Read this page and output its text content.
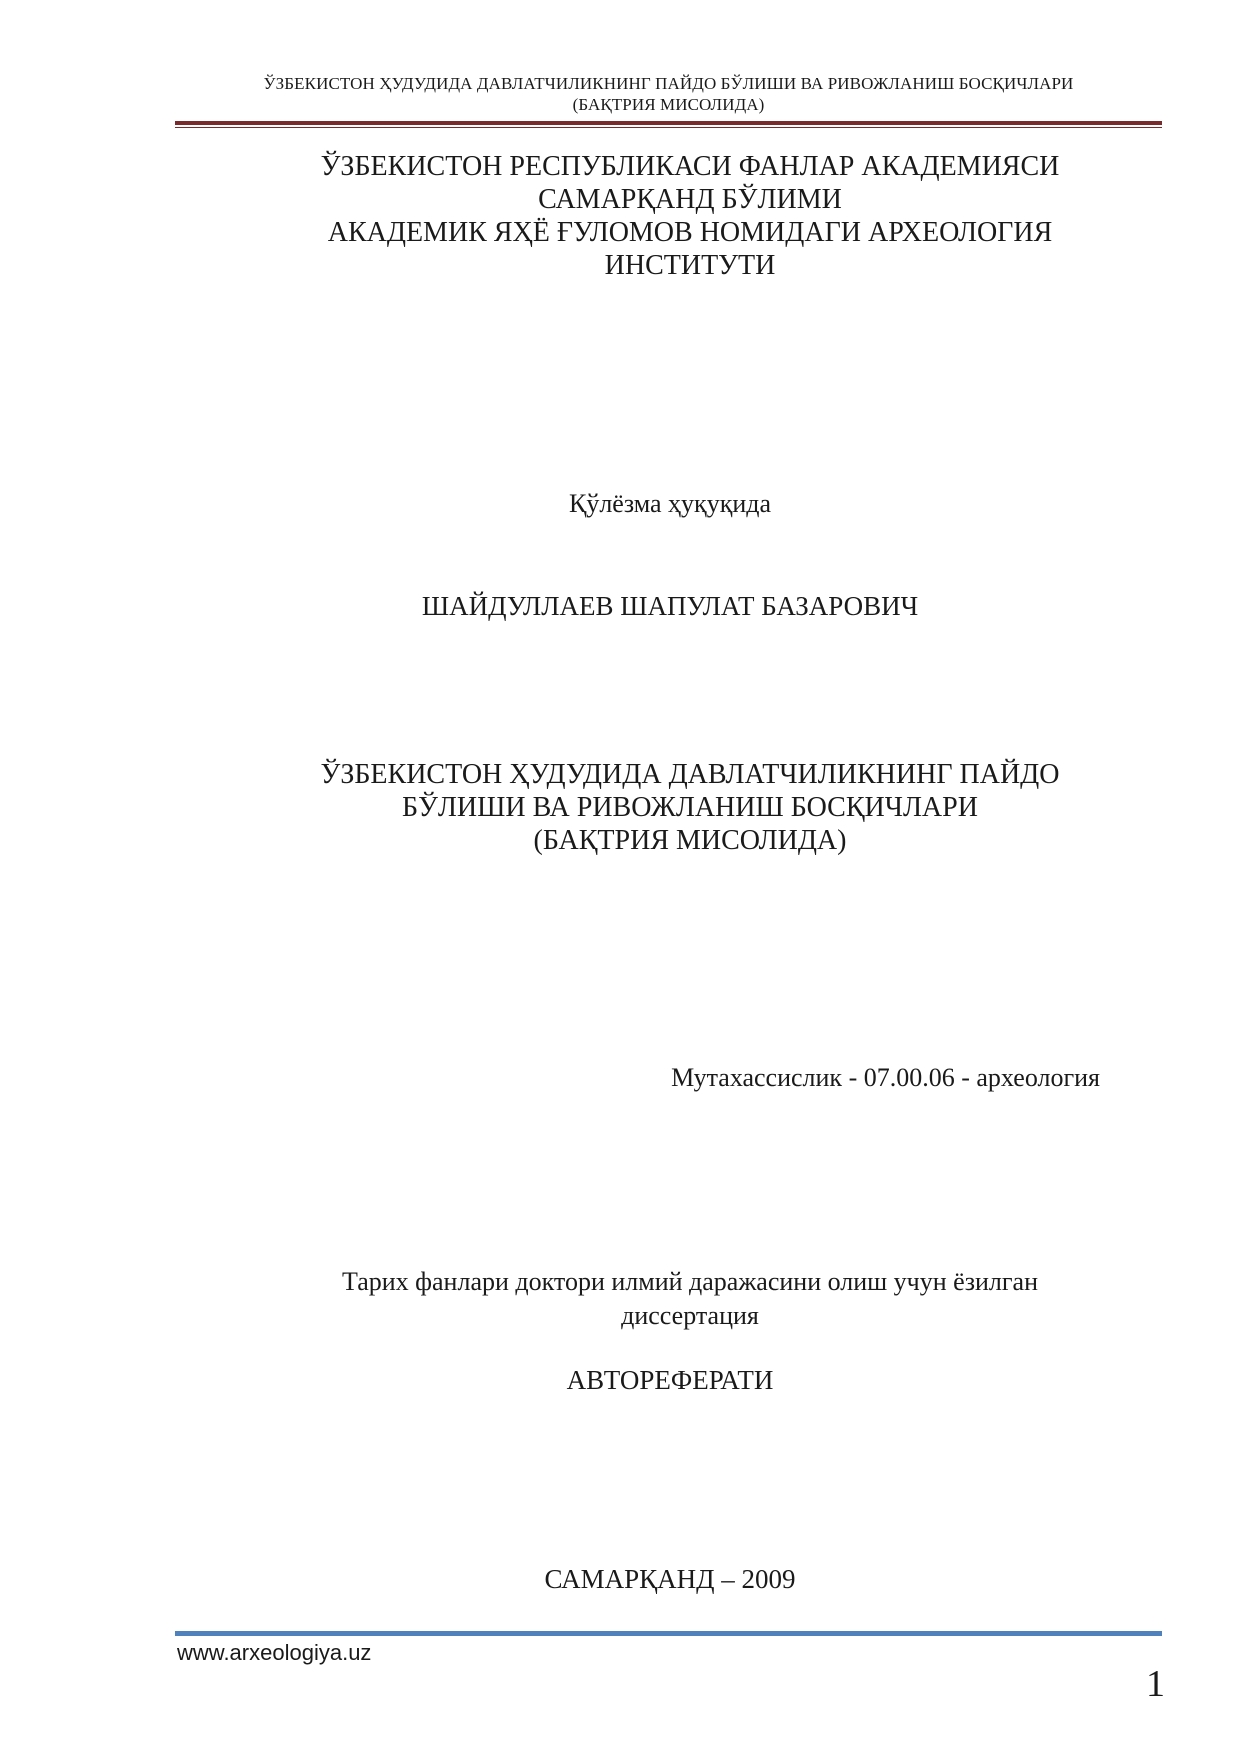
ЎЗБЕКИСТОН ҲУДУДИДА ДАВЛАТЧИЛИКНИНГ ПАЙДО БЎЛИШИ ВА РИВОЖЛАНИШ БОСҚИЧЛАРИ
(БАҚТРИЯ МИСОЛИДА)
ЎЗБЕКИСТОН РЕСПУБЛИКАСИ ФАНЛАР АКАДЕМИЯСИ
САМАРҚАНД БЎЛИМИ
АКАДЕМИК ЯҲЁ ҒУЛОМОВ НОМИДАГИ АРХЕОЛОГИЯ
ИНСТИТУТИ
Қўлёзма ҳуқуқида
ШАЙДУЛЛАЕВ ШАПУЛАТ БАЗАРОВИЧ
ЎЗБЕКИСТОН ҲУДУДИДА ДАВЛАТЧИЛИКНИНГ ПАЙДО
БЎЛИШИ ВА РИВОЖЛАНИШ БОСҚИЧЛАРИ
(БАҚТРИЯ МИСОЛИДА)
Мутахассислик - 07.00.06 - археология
Тарих фанлари доктори илмий даражасини олиш учун ёзилган
диссертация
АВТОРЕФЕРАТИ
САМАРҚАНД – 2009
www.arxeologiya.uz
1
